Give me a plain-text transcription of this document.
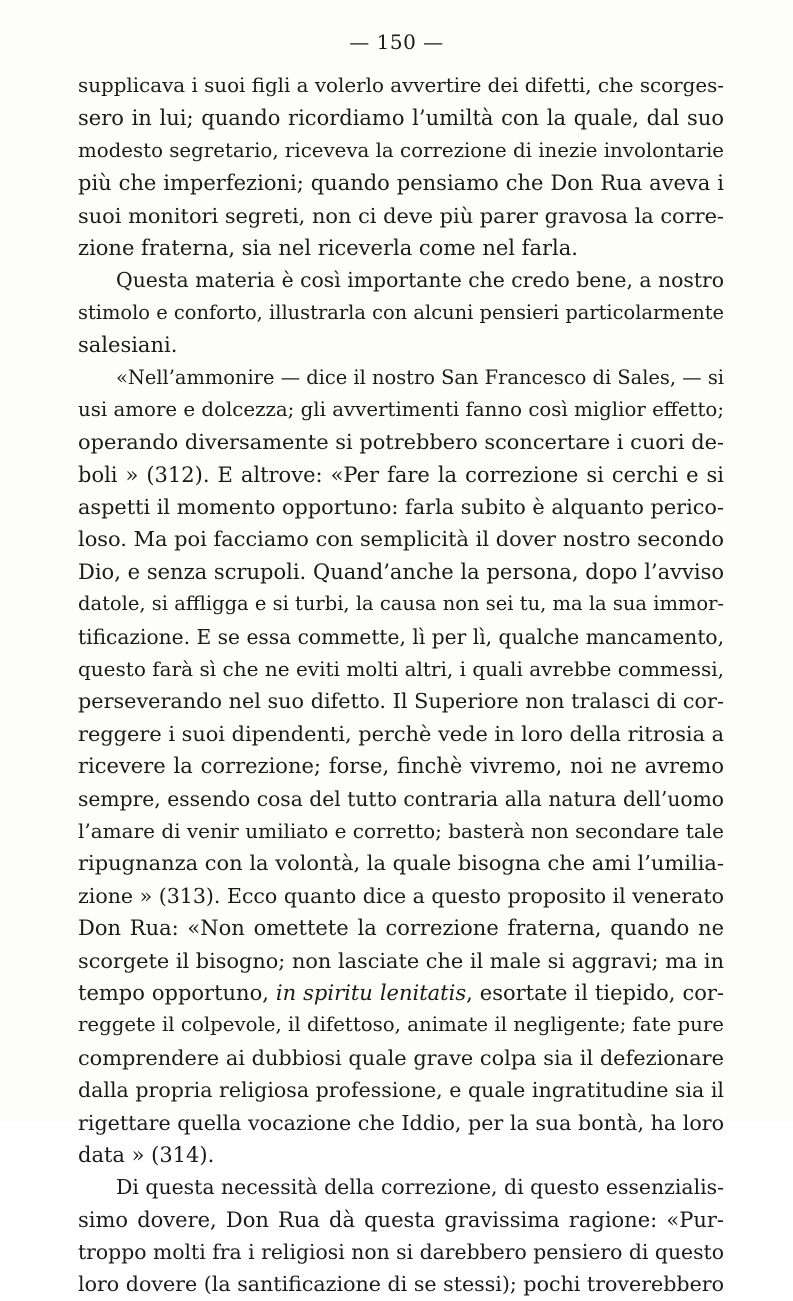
— 150 —
supplicava i suoi figli a volerlo avvertire dei difetti, che scorges-
sero in lui; quando ricordiamo l’umiltà con la quale, dal suo
modesto segretario, riceveva la correzione di inezie involontarie
più che imperfezioni; quando pensiamo che Don Rua aveva i
suoi monitori segreti, non ci deve più parer gravosa la corre-
zione fraterna, sia nel riceverla come nel farla.
Questa materia è così importante che credo bene, a nostro
stimolo e conforto, illustrarla con alcuni pensieri particolarmente
salesiani.
«Nell’ammonire — dice il nostro San Francesco di Sales, — si
usi amore e dolcezza; gli avvertimenti fanno così miglior effetto;
operando diversamente si potrebbero sconcertare i cuori de-
boli » (312). E altrove: «Per fare la correzione si cerchi e si
aspetti il momento opportuno: farla subito è alquanto perico-
loso. Ma poi facciamo con semplicità il dover nostro secondo
Dio, e senza scrupoli. Quand’anche la persona, dopo l’avviso
datole, si affligga e si turbi, la causa non sei tu, ma la sua immor-
tificazione. E se essa commette, lì per lì, qualche mancamento,
questo farà sì che ne eviti molti altri, i quali avrebbe commessi,
perseverando nel suo difetto. Il Superiore non tralasci di cor-
reggere i suoi dipendenti, perchè vede in loro della ritrosia a
ricevere la correzione; forse, finchè vivremo, noi ne avremo
sempre, essendo cosa del tutto contraria alla natura dell’uomo
l’amare di venir umiliato e corretto; basterà non secondare tale
ripugnanza con la volontà, la quale bisogna che ami l’umilia-
zione » (313). Ecco quanto dice a questo proposito il venerato
Don Rua: «Non omettete la correzione fraterna, quando ne
scorgete il bisogno; non lasciate che il male si aggravi; ma in
tempo opportuno, in spiritu lenitatis, esortate il tiepido, cor-
reggete il colpevole, il difettoso, animate il negligente; fate pure
comprendere ai dubbiosi quale grave colpa sia il defezionare
dalla propria religiosa professione, e quale ingratitudine sia il
rigettare quella vocazione che Iddio, per la sua bontà, ha loro
data » (314).
Di questa necessità della correzione, di questo essenzialis-
simo dovere, Don Rua dà questa gravissima ragione: «Pur-
troppo molti fra i religiosi non si darebbero pensiero di questo
loro dovere (la santificazione di se stessi); pochi troverebbero
